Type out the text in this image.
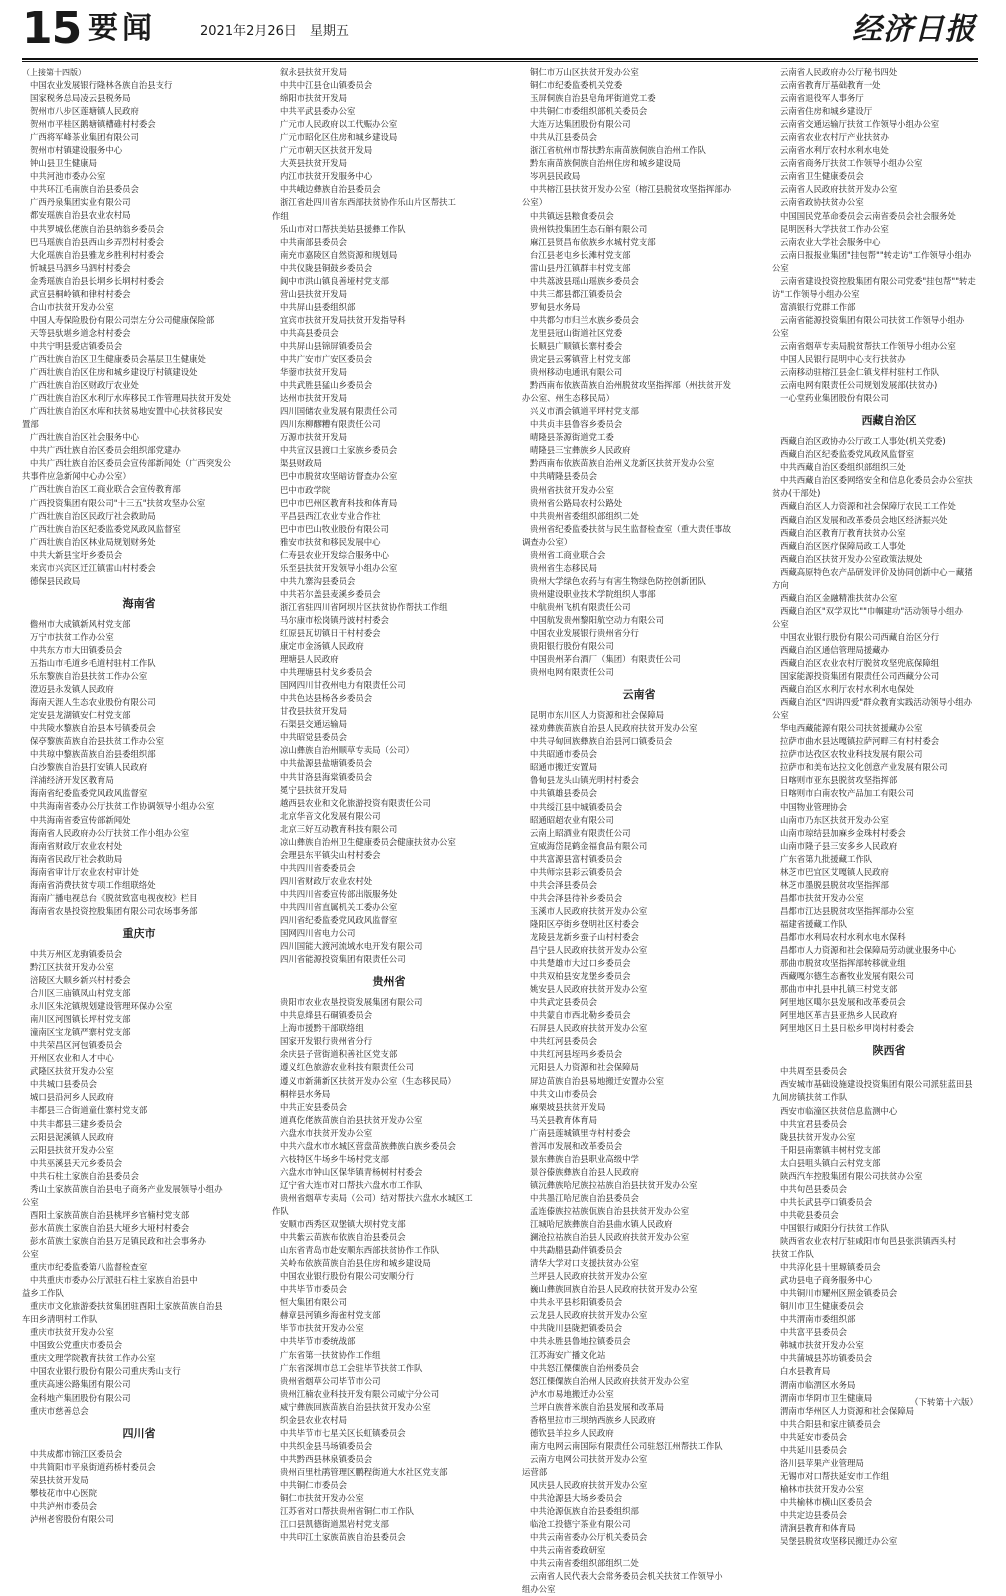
15 要闻	2021年2月26日　星期五	经济日报
（上接第十四版）
中国农业发展银行隆林各族自治县支行
国家税务总局凌云县税务局
贺州市八步区莲塘镇人民政府
贺州市平桂区鹅塘镇槽碓村村委会
广西将军峰茶业集团有限公司
贺州市村镇建设服务中心
钟山县卫生健康局
中共河池市委办公室
中共环江毛南族自治县委员会
广西丹泉集团实业有限公司
都安瑶族自治县农业农村局
中共罗城仫佬族自治县纳翁乡委员会
巴马瑶族自治县西山乡弄烈村村委会
大化瑶族自治县雅龙乡胜利村村委会
忻城县马泗乡马泗村村委会
金秀瑶族自治县长垌乡长垌村村委会
武宣县桐岭镇和律村村委会
合山市扶贫开发办公室
中国人寿保险股份有限公司崇左分公司健康保险部
天等县驮堪乡道念村村委会
中共宁明县爱店镇委员会
广西壮族自治区卫生健康委员会基层卫生健康处
广西壮族自治区住房和城乡建设厅村镇建设处
广西壮族自治区财政厅农业处
广西壮族自治区水利厅水库移民工作管理局扶贫开发处
广西壮族自治区水库和扶贫易地安置中心扶贫移民安
置部
广西壮族自治区社会服务中心
中共广西壮族自治区委员会组织部党建办
中共广西壮族自治区委员会宣传部新闻处（广西突发公
共事件应急新闻中心办公室）
广西壮族自治区工商业联合会宣传教育部
广西投资集团有限公司"十三五"扶贫攻坚办公室
广西壮族自治区民政厅社会救助局
广西壮族自治区纪委监委党风政风监督室
广西壮族自治区林业局规划财务处
中共大新县宝圩乡委员会
来宾市兴宾区迁江镇雷山村村委会
德保县民政局
海南省
儋州市大成镇新风村党支部
万宁市扶贫工作办公室
中共东方市大田镇委员会
五指山市毛道乡毛道村驻村工作队
乐东黎族自治县扶贫工作办公室
澄迈县永发镇人民政府
海南天涯人生态农业股份有限公司
定安县龙湖镇安仁村党支部
中共陵水黎族自治县本号镇委员会
保亭黎族苗族自治县扶贫工作办公室
中共琼中黎族苗族自治县委组织部
白沙黎族自治县打安镇人民政府
洋浦经济开发区教育局
海南省纪委监委党风政风监督室
中共海南省委办公厅扶贫工作协调领导小组办公室
中共海南省委宣传部新闻处
海南省人民政府办公厅扶贫工作小组办公室
海南省财政厅农业农村处
海南省民政厅社会救助局
海南省审计厅农业农村审计处
海南省消费扶贫专项工作组联络处
海南广播电视总台《脱贫致富电视夜校》栏目
海南省农垦投资控股集团有限公司农场事务部
重庆市
中共万州区龙驹镇委员会
黔江区扶贫开发办公室
涪陵区大顺乡新兴村村委会
合川区三庙镇凤山村党支部
永川区朱沱镇规划建设管理环保办公室
南川区河图镇长坪村党支部
潼南区宝龙镇严寨村党支部
中共荣昌区河包镇委员会
开州区农业和人才中心
武隆区扶贫开发办公室
中共城口县委员会
城口县沿河乡人民政府
丰都县三合街道童仕寨村党支部
中共丰都县三建乡委员会
云阳县泥溪镇人民政府
云阳县扶贫开发办公室
中共巫溪县天元乡委员会
中共石柱土家族自治县委员会
秀山土家族苗族自治县电子商务产业发展领导小组办
公室
酉阳土家族苗族自治县桃坪乡官楠村党支部
彭水苗族土家族自治县大垭乡大垭村村委会
彭水苗族土家族自治县万足镇民政和社会事务办
公室
重庆市纪委监委第八监督检查室
中共重庆市委办公厅派驻石柱土家族自治县中
益乡工作队
重庆市文化旅游委扶贫集团驻酉阳土家族苗族自治县
车田乡清明村工作队
重庆市扶贫开发办公室
中国致公党重庆市委员会
重庆文理学院教育扶贫工作办公室
中国农业银行股份有限公司重庆秀山支行
重庆高速公路集团有限公司
金科地产集团股份有限公司
重庆市慈善总会
四川省
中共成都市锦江区委员会
中共简阳市平泉街道药桥村委员会
荣县扶贫开发局
攀枝花市中心医院
中共泸州市委员会
泸州老窖股份有限公司
叙永县扶贫开发局
中共中江县仓山镇委员会
绵阳市扶贫开发局
中共平武县委办公室
广元市人民政府以工代赈办公室
广元市昭化区住房和城乡建设局
广元市朝天区扶贫开发局
大英县扶贫开发局
内江市扶贫开发服务中心
中共峨边彝族自治县委员会
浙江省赴四川省东西部扶贫协作乐山片区帮扶工
作组
乐山市对口帮扶美姑县援彝工作队
中共南部县委员会
南充市嘉陵区自然资源和规划局
中共仪陇县铜鼓乡委员会
阆中市洪山镇良善垭村党支部
营山县扶贫开发局
中共屏山县委组织部
宜宾市扶贫开发局扶贫开发指导科
中共高县委员会
中共屏山县锦屏镇委员会
中共广安市广安区委员会
华蓥市扶贫开发局
中共武胜县猛山乡委员会
达州市扶贫开发局
四川国储农业发展有限责任公司
四川东柳醪糟有限责任公司
万源市扶贫开发局
中共宣汉县渡口土家族乡委员会
渠县财政局
巴中市脱贫攻坚暗访督查办公室
巴中市政学院
巴中市巴州区教育科技和体育局
平昌县西江农业专业合作社
巴中市巴山牧业股份有限公司
雅安市扶贫和移民发展中心
仁寿县农业开发综合服务中心
乐至县扶贫开发领导小组办公室
中共九寨沟县委员会
中共若尔盖县麦溪乡委员会
浙江省驻四川省阿坝片区扶贫协作帮扶工作组
马尔康市松岗镇丹波村村委会
红原县瓦切镇日干村村委会
康定市金汤镇人民政府
理塘县人民政府
中共理塘县村戈乡委员会
国网四川甘孜州电力有限责任公司
中共色达县杨各乡委员会
甘孜县扶贫开发局
石渠县交通运输局
中共昭觉县委员会
凉山彝族自治州顺草专卖局（公司）
中共盐源县盐塘镇委员会
中共甘洛县海棠镇委员会
冕宁县扶贫开发局
越西县农业和文化旅游投资有限责任公司
北京华音文化发展有限公司
北京三好互动教育科技有限公司
凉山彝族自治州卫生健康委员会健康扶贫办公室
会理县东平镇尖山村村委会
中共四川省委委员会
四川省财政厅农业农村处
中共四川省委宣传部出版服务处
中共四川省直属机关工委办公室
四川省纪委监委党风政风监督室
国网四川省电力公司
四川国能大渡河流域水电开发有限公司
四川省能源投资集团有限责任公司
贵州省
贵阳市农业农垦投资发展集团有限公司
中共息烽县石硐镇委员会
上海市援黔干部联络组
国家开发银行贵州省分行
余庆县子营街道积善社区党支部
遵义红色旅游农业科技有限责任公司
遵义市新蒲新区扶贫开发办公室（生态移民局）
桐梓县水务局
中共正安县委员会
道真仡佬族苗族自治县扶贫开发办公室
六盘水市扶贫开发办公室
中共六盘水市水城区营盘苗族彝族白族乡委员会
六枝特区牛场乡牛场村党支部
六盘水市钟山区保华镇青杨树村村委会
辽宁省大连市对口帮扶六盘水市工作队
贵州省烟草专卖局（公司）结对帮扶六盘水水城区工
作队
安顺市西秀区双堡镇大坝村党支部
中共紫云苗族布依族自治县委员会
山东省青岛市赴安顺东西部扶贫协作工作队
关岭布依族苗族自治县住房和城乡建设局
中国农业银行股份有限公司安顺分行
中共毕节市委员会
恒大集团有限公司
赫章县河镇乡海雀村党支部
毕节市扶贫开发办公室
中共毕节市委统战部
广东省第一扶贫协作工作组
广东省深圳市总工会驻毕节扶贫工作队
贵州省烟草公司毕节市公司
贵州江楠农业科技开发有限公司威宁分公司
威宁彝族回族苗族自治县扶贫开发办公室
织金县农业农村局
中共毕节市七星关区长虹镇委员会
中共织金县马场镇委员会
中共黔西县林泉镇委员会
贵州百里杜鹃管理区鹏程街道大水社区党支部
中共铜仁市委员会
铜仁市扶贫开发办公室
江苏省对口帮扶贵州省铜仁市工作队
江口县凯德街道黑岩村党支部
中共印江土家族苗族自治县委员会
铜仁市万山区扶贫开发办公室
铜仁市纪委监委机关党委
玉屏侗族自治县皂角坪街道党工委
中共铜仁市委组织部机关委员会
大连万达集团股份有限公司
中共从江县委员会
浙江省杭州市帮扶黔东南苗族侗族自治州工作队
黔东南苗族侗族自治州住房和城乡建设局
岑巩县民政局
中共榕江县扶贫开发办公室（榕江县脱贫攻坚指挥部办
公室）
中共镇远县粮食委员会
贵州铁投集团生态石斛有限公司
麻江县贤昌布依族乡水城村党支部
台江县老屯乡长滩村党支部
雷山县丹江镇群丰村党支部
中共荔波县瑶山瑶族乡委员会
中共三都县都江镇委员会
罗甸县水务局
中共都匀市归兰水族乡委员会
龙里县冠山街道社区党委
长顺县广顺镇长寨村委会
贵定县云雾镇营上村党支部
贵州移动电通讯有限公司
黔西南布依族苗族自治州脱贫攻坚指挥部（州扶贫开发
办公室、州生态移民局）
兴义市酒会镇道平坪村党支部
中共贞丰县鲁容乡委员会
晴隆县茶源街道党工委
晴隆县三宝彝族乡人民政府
黔西南布依族苗族自治州义龙新区扶贫开发办公室
中共晴隆县委员会
贵州省扶贫开发办公室
贵州省公路局农村公路处
中共贵州省委组织部组织二处
贵州省纪委监委扶贫与民生监督检查室（重大责任事故
调查办公室）
贵州省工商业联合会
贵州省生态移民局
贵州大学绿色农药与有害生物绿色防控创新团队
贵州建设职业技术学院组织人事部
中航贵州飞机有限责任公司
中国航发贵州黎阳航空动力有限公司
中国农业发展银行贵州省分行
贵阳银行股份有限公司
中国贵州茅台酒厂（集团）有限责任公司
贵州电网有限责任公司
云南省
昆明市东川区人力资源和社会保障局
禄劝彝族苗族自治县人民政府扶贫开发办公室
中共寻甸回族彝族自治县河口镇委员会
中共昭通市委员会
昭通市搬迁安置局
鲁甸县龙头山镇光明村村委会
中共镇雄县委员会
中共绥江县中城镇委员会
昭通昭超农业有限公司
云南上昭酒业有限责任公司
宣威海岱昆鹤金福食品有限公司
中共富源县富村镇委员会
中共师宗县彩云镇委员会
中共会泽县委员会
中共会泽县待补乡委员会
玉溪市人民政府扶贫开发办公室
隆阳区亭街乡登明社区村委会
龙陵县龙新乡蚕子山村村委会
昌宁县人民政府扶贫开发办公室
中共楚雄市大过口乡委员会
中共双柏县安龙堡乡委员会
姚安县人民政府扶贫开发办公室
中共武定县委员会
中共蒙自市西北勒乡委员会
石屏县人民政府扶贫开发办公室
中共红河县委员会
中共红河县垤玛乡委员会
元阳县人力资源和社会保障局
屏边苗族自治县易地搬迁安置办公室
中共文山市委员会
麻栗坡县扶贫开发局
马关县教育体育局
广南县莲城镇里寺村村委会
普洱市发展和改革委员会
景东彝族自治县职业高级中学
景谷傣族彝族自治县人民政府
镇沅彝族哈尼族拉祜族自治县扶贫开发办公室
中共墨江哈尼族自治县委员会
孟连傣族拉祜族佤族自治县扶贫开发办公室
江城哈尼族彝族自治县曲水镇人民政府
澜沧拉祜族自治县人民政府扶贫开发办公室
中共勐腊县勐伴镇委员会
清华大学对口支援扶贫办公室
兰坪县人民政府扶贫开发办公室
巍山彝族回族自治县人民政府扶贫开发办公室
中共永平县杉阳镇委员会
云龙县人民政府扶贫开发办公室
中共陇川县陇把镇委员会
中共永胜县鲁地拉镇委员会
江苏海安广播文化站
中共怒江傈僳族自治州委员会
怒江傈僳族自治州人民政府扶贫开发办公室
泸水市易地搬迁办公室
兰坪白族普米族自治县发展和改革局
香格里拉市三坝纳西族乡人民政府
德钦县羊拉乡人民政府
南方电网云南国际有限责任公司驻怒江州帮扶工作队
云南方电网公司扶贫开发办公室
运营部
风庆县人民政府扶贫开发办公室
中共沧源县大场乡委员会
中共沧源佤族自治县委组织部
临沧工投德宁茶业有限公司
中共云南省委办公厅机关委员会
中共云南省委政研室
中共云南省委组织部组织二处
云南省人民代表大会常务委员会机关扶贫工作领导小
组办公室
云南省人民政府办公厅秘书四处
云南省教育厅基础教育一处
云南省退役军人事务厅
云南省住房和城乡建设厅
云南省交通运输厅扶贫工作领导小组办公室
云南省农业农村厅产业扶贫办
云南省水利厅农村水利水电处
云南省商务厅扶贫工作领导小组办公室
云南省卫生健康委员会
云南省人民政府扶贫开发办公室
云南省政协扶贫办公室
中国国民党革命委员会云南省委员会社会服务处
昆明医科大学扶贫工作办公室
云南农业大学社会服务中心
云南日报报业集团"挂包帮""转走访"工作领导小组办
公室
云南省建设投资控股集团有限公司党委"挂包帮""转走
访"工作领导小组办公室
富滇银行党群工作部
云南省能源投资集团有限公司扶贫工作领导小组办
公室
云南省烟草专卖局脱贫帮扶工作领导小组办公室
中国人民银行昆明中心支行扶贫办
云南移动驻榕江县金仁镇戈样村驻村工作队
云南电网有限责任公司规划发展部(扶贫办)
一心堂药业集团股份有限公司
西藏自治区
西藏自治区政协办公厅政工人事处(机关党委)
西藏自治区纪委监委党风政风监督室
中共西藏自治区委组织部组织三处
中共西藏自治区委网络安全和信息化委员会办公室扶
贫办(干部处)
西藏自治区人力资源和社会保障厅农民工工作处
西藏自治区发展和改革委员会地区经济振兴处
西藏自治区教育厅教育扶贫办公室
西藏自治区医疗保障局政工人事处
西藏自治区扶贫开发办公室政策法规处
西藏高原特色农产品研发评价及协同创新中心－藏猪
方向
西藏自治区金融精准扶贫办公室
西藏自治区"双学双比""巾帼建功"活动领导小组办
公室
中国农业银行股份有限公司西藏自治区分行
西藏自治区通信管理局援藏办
西藏自治区农业农村厅脱贫攻坚兜底保障组
国家能源投资集团有限责任公司西藏分公司
西藏自治区水利厅农村水利水电保处
西藏自治区"四讲四爱"群众教育实践活动领导小组办
公室
华电西藏能源有限公司扶贫援藏办公室
拉萨市曲水县达嘎镇拉萨河畔三有村村委会
拉萨市达孜区农牧业科技发展有限公司
拉萨市和美布达拉文化创意产业发展有限公司
日喀则市亚东县脱贫攻坚指挥部
日喀则市白南农牧产品加工有限公司
中国物业管理协会
山南市乃东区扶贫开发办公室
山南市琼结县加麻乡金珠村村委会
山南市隆子县三安多乡人民政府
广东省第九批援藏工作队
林芝市巴宜区艾嘎镇人民政府
林芝市墨脱县脱贫攻坚指挥部
昌都市扶贫开发办公室
昌都市江达县脱贫攻坚指挥部办公室
福建省援藏工作队
昌都市水利局农村水利水电水保科
昌都市人力资源和社会保障局劳动就业服务中心
那曲市脱贫攻坚指挥部转移就业组
西藏嘎尔德生态畜牧业发展有限公司
那曲市申扎县申扎镇三村党支部
阿里地区噶尔县发展和改革委员会
阿里地区革吉县亚热乡人民政府
阿里地区日土县日松乡甲岗村村委会
陕西省
中共周至县委员会
西安城市基础设施建设投资集团有限公司派驻蓝田县
九间房镇扶贫工作队
西安市临潼区扶贫信息监测中心
中共宜君县委员会
陇县扶贫开发办公室
千阳县南寨镇丰树村党支部
太白县咀头镇白云村党支部
陕西汽车控股集团有限公司扶贫办公室
中共旬邑县委员会
中共长武县亭口镇委员会
中共乾县委员会
中国银行咸阳分行扶贫工作队
陕西省农业农村厅驻咸阳市旬邑县张洪镇西头村
扶贫工作队
中共淳化县十里塬镇委员会
武功县电子商务服务中心
中共铜川市耀州区照金镇委员会
铜川市卫生健康委员会
中共渭南市委组织部
中共富平县委员会
韩城市扶贫开发办公室
中共蒲城县苏坊镇委员会
白水县教育局
渭南市临渭区水务局
渭南市华阴市卫生健康局
渭南市华州区人力资源和社会保障局
中共合阳县和家庄镇委员会
中共延安市委员会
中共延川县委员会
洛川县苹果产业管理局
无锡市对口帮扶延安市工作组
榆林市扶贫开发办公室
中共榆林市横山区委员会
中共定边县委员会
清涧县教育和体育局
吴堡县脱贫攻坚移民搬迁办公室
（下转第十六版）
